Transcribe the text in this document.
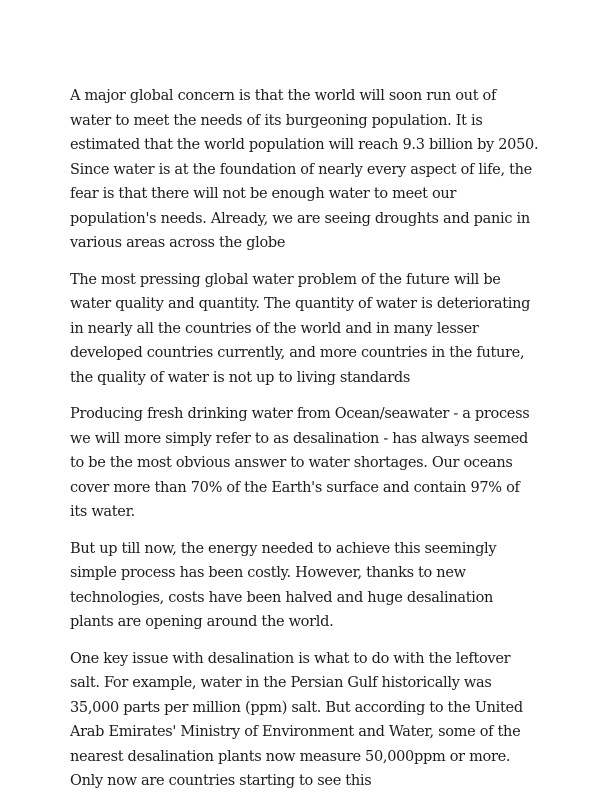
A major global concern is that the world will soon run out of water to meet the needs of its burgeoning population. It is estimated that the world population will reach 9.3 billion by 2050. Since water is at the foundation of nearly every aspect of life, the fear is that there will not be enough water to meet our population's needs. Already, we are seeing droughts and panic in various areas across the globe

The most pressing global water problem of the future will be water quality and quantity. The quantity of water is deteriorating in nearly all the countries of the world and in many lesser developed countries currently, and more countries in the future, the quality of water is not up to living standards

Producing fresh drinking water from Ocean/seawater - a process we will more simply refer to as desalination - has always seemed to be the most obvious answer to water shortages. Our oceans cover more than 70% of the Earth's surface and contain 97% of its water.

But up till now, the energy needed to achieve this seemingly simple process has been costly. However, thanks to new technologies, costs have been halved and huge desalination plants are opening around the world.

One key issue with desalination is what to do with the leftover salt. For example, water in the Persian Gulf historically was 35,000 parts per million (ppm) salt. But according to the United Arab Emirates' Ministry of Environment and Water, some of the nearest desalination plants now measure 50,000ppm or more. Only now are countries starting to see this
